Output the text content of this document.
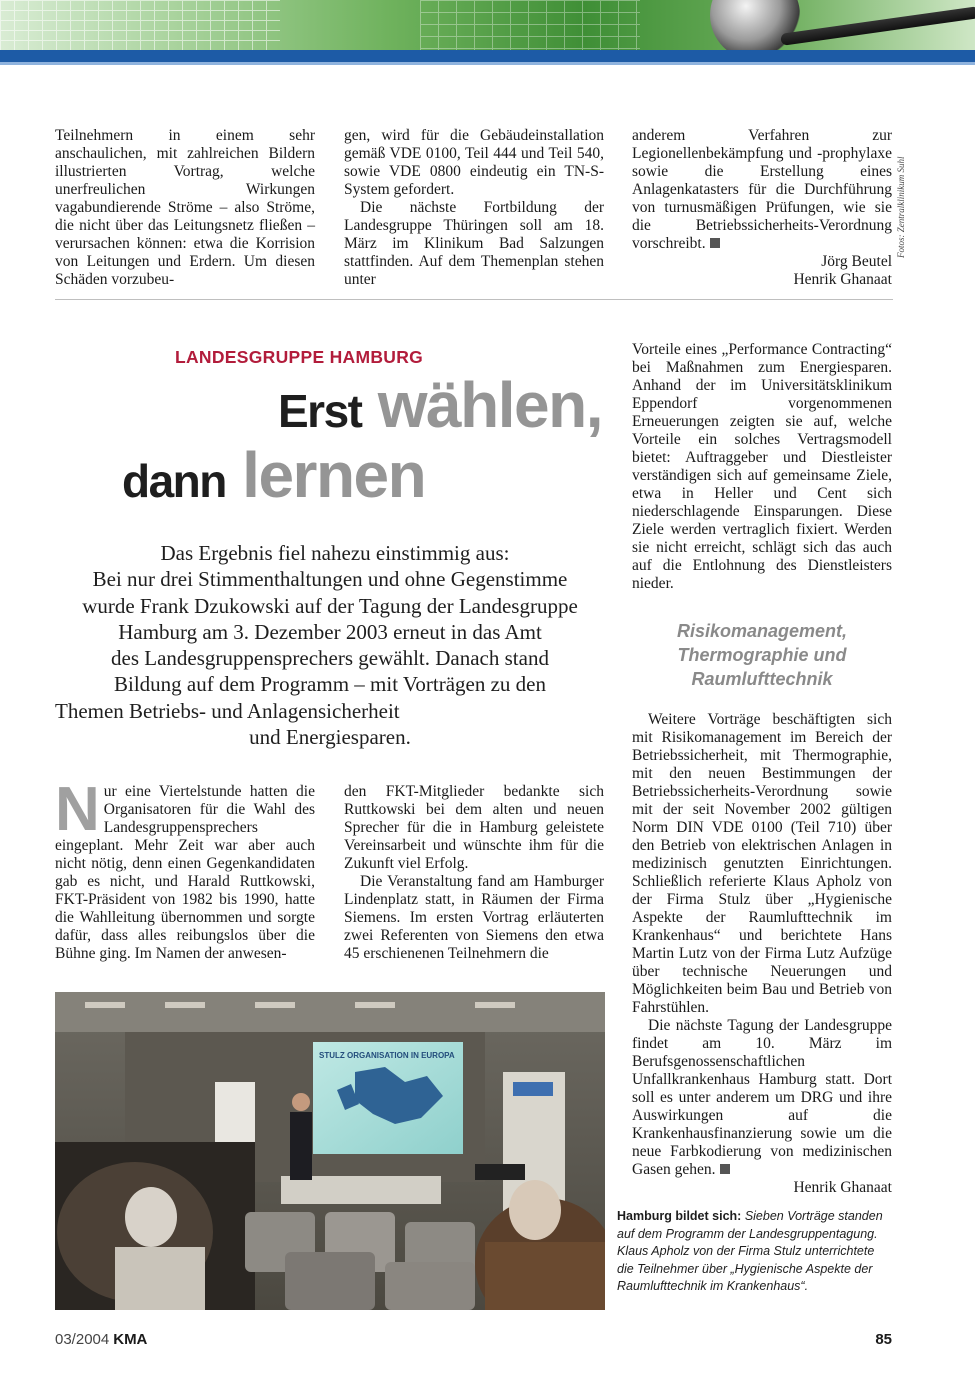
Teilnehmern in einem sehr anschaulichen, mit zahlreichen Bildern illustrierten Vortrag, welche unerfreulichen Wirkungen vagabundierende Ströme – also Ströme, die nicht über das Leitungsnetz fließen – verursachen können: etwa die Korrision von Leitungen und Erdern. Um diesen Schäden vorzubeu-

gen, wird für die Gebäudeinstallation gemäß VDE 0100, Teil 444 und Teil 540, sowie VDE 0800 eindeutig ein TN-S-System gefordert.

Die nächste Fortbildung der Landesgruppe Thüringen soll am 18. März im Klinikum Bad Salzungen stattfinden. Auf dem Themenplan stehen unter

anderem Verfahren zur Legionellenbekämpfung und -prophylaxe sowie die Erstellung eines Anlagenkatasters für die Durchführung von turnusmäßigen Prüfungen, wie sie die Betriebssicherheits-Verordnung vorschreibt.

Jörg Beutel

Henrik Ghanaat

Fotos: Zentralklinikum Suhl
LANDESGRUPPE HAMBURG
Erst wählen,
dann lernen
Das Ergebnis fiel nahezu einstimmig aus:
Bei nur drei Stimmenthaltungen und ohne Gegenstimme
wurde Frank Dzukowski auf der Tagung der Landesgruppe
Hamburg am 3. Dezember 2003 erneut in das Amt
des Landesgruppensprechers gewählt. Danach stand
Bildung auf dem Programm – mit Vorträgen zu den
Themen Betriebs- und Anlagensicherheit
und Energiesparen.

Nur eine Viertelstunde hatten die Organisatoren für die Wahl des Landesgruppensprechers eingeplant. Mehr Zeit war aber auch nicht nötig, denn einen Gegenkandidaten gab es nicht, und Harald Ruttkowski, FKT-Präsident von 1982 bis 1990, hatte die Wahlleitung übernommen und sorgte dafür, dass alles reibungslos über die Bühne ging. Im Namen der anwesen-

den FKT-Mitglieder bedankte sich Ruttkowski bei dem alten und neuen Sprecher für die in Hamburg geleistete Vereinsarbeit und wünschte ihm für die Zukunft viel Erfolg.

Die Veranstaltung fand am Hamburger Lindenplatz statt, in Räumen der Firma Siemens. Im ersten Vortrag erläuterten zwei Referenten von Siemens den etwa 45 erschienenen Teilnehmern die

Vorteile eines „Performance Contracting“ bei Maßnahmen zum Energiesparen. Anhand der im Universitätsklinikum Eppendorf vorgenommenen Erneuerungen zeigten sie auf, welche Vorteile ein solches Vertragsmodell bietet: Auftraggeber und Diestleister verständigen sich auf gemeinsame Ziele, etwa in Heller und Cent sich niederschlagende Einsparungen. Diese Ziele werden vertraglich fixiert. Werden sie nicht erreicht, schlägt sich das auch auf die Entlohnung des Dienstleisters nieder.

Risikomanagement,
Thermographie und
Raumlufttechnik

Weitere Vorträge beschäftigten sich mit Risikomanagement im Bereich der Betriebssicherheit, mit Thermographie, mit den neuen Bestimmungen der Betriebssicherheits-Verordnung sowie mit der seit November 2002 gültigen Norm DIN VDE 0100 (Teil 710) über den Betrieb von elektrischen Anlagen in medizinisch genutzten Einrichtungen. Schließlich referierte Klaus Apholz von der Firma Stulz über „Hygienische Aspekte der Raumlufttechnik im Krankenhaus“ und berichtete Hans Martin Lutz von der Firma Lutz Aufzüge über technische Neuerungen und Möglichkeiten beim Bau und Betrieb von Fahrstühlen.

Die nächste Tagung der Landesgruppe findet am 10. März im Berufsgenossenschaftlichen Unfallkrankenhaus Hamburg statt. Dort soll es unter anderem um DRG und ihre Auswirkungen auf die Krankenhausfinanzierung sowie um die neue Farbkodierung von medizinischen Gasen gehen.

Henrik Ghanaat

STULZ ORGANISATION IN EUROPA
Hamburg bildet sich: Sieben Vorträge standen auf dem Programm der Landesgruppentagung. Klaus Apholz von der Firma Stulz unterrichtete die Teilnehmer über „Hygienische Aspekte der Raumlufttechnik im Krankenhaus“.
03/2004 KMA	85
